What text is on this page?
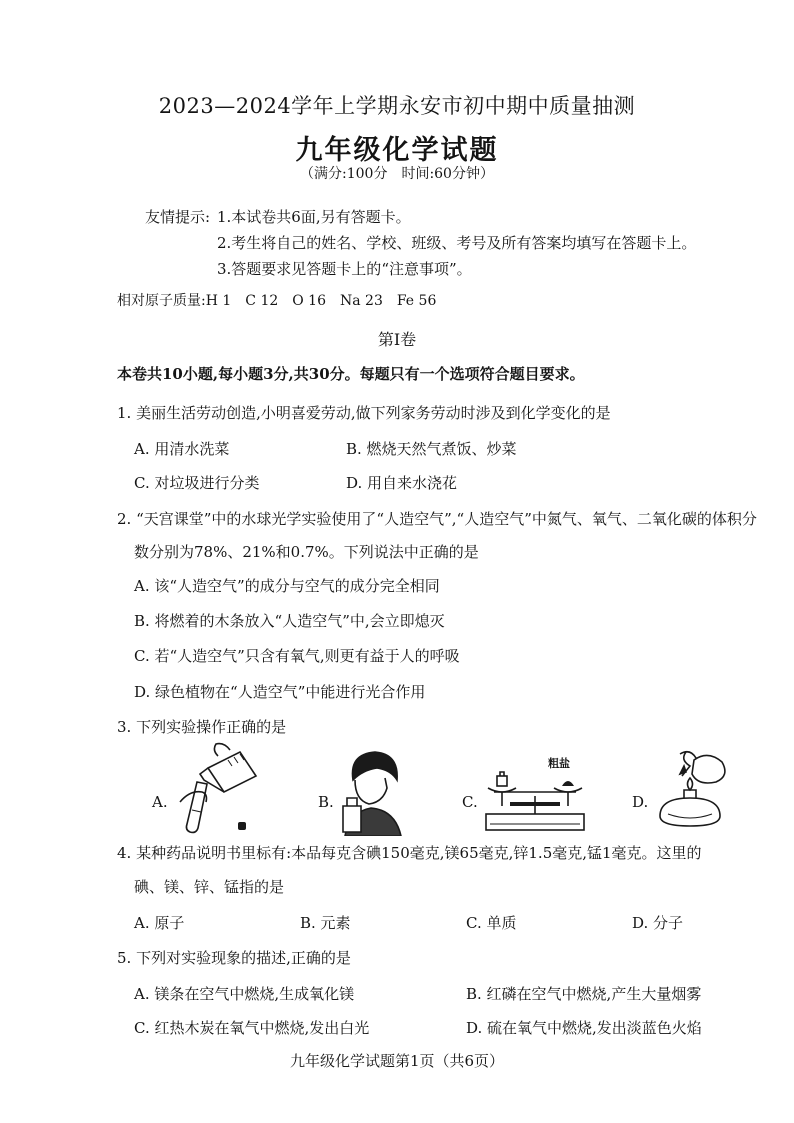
2023—2024学年上学期永安市初中期中质量抽测
九年级化学试题
（满分:100分　时间:60分钟）
友情提示: 1.本试卷共6面,另有答题卡。
2.考生将自己的姓名、学校、班级、考号及所有答案均填写在答题卡上。
3.答题要求见答题卡上的“注意事项”。
相对原子质量:H 1　C 12　O 16　Na 23　Fe 56
第Ⅰ卷
本卷共10小题,每小题3分,共30分。每题只有一个选项符合题目要求。
1. 美丽生活劳动创造,小明喜爱劳动,做下列家务劳动时涉及到化学变化的是
A. 用清水洗菜	B. 燃烧天然气煮饭、炒菜
C. 对垃圾进行分类	D. 用自来水浇花
2. “天宫课堂”中的水球光学实验使用了“人造空气”,“人造空气”中氮气、氧气、二氧化碳的体积分
数分别为78%、21%和0.7%。下列说法中正确的是
A. 该“人造空气”的成分与空气的成分完全相同
B. 将燃着的木条放入“人造空气”中,会立即熄灭
C. 若“人造空气”只含有氧气,则更有益于人的呼吸
D. 绿色植物在“人造空气”中能进行光合作用
3. 下列实验操作正确的是
A.	B.	C.
粗盐
D.
4. 某种药品说明书里标有:本品每克含碘150毫克,镁65毫克,锌1.5毫克,锰1毫克。这里的
碘、镁、锌、锰指的是
A. 原子	B. 元素	C. 单质	D. 分子
5. 下列对实验现象的描述,正确的是
A. 镁条在空气中燃烧,生成氧化镁	B. 红磷在空气中燃烧,产生大量烟雾
C. 红热木炭在氧气中燃烧,发出白光	D. 硫在氧气中燃烧,发出淡蓝色火焰
九年级化学试题第1页（共6页）
